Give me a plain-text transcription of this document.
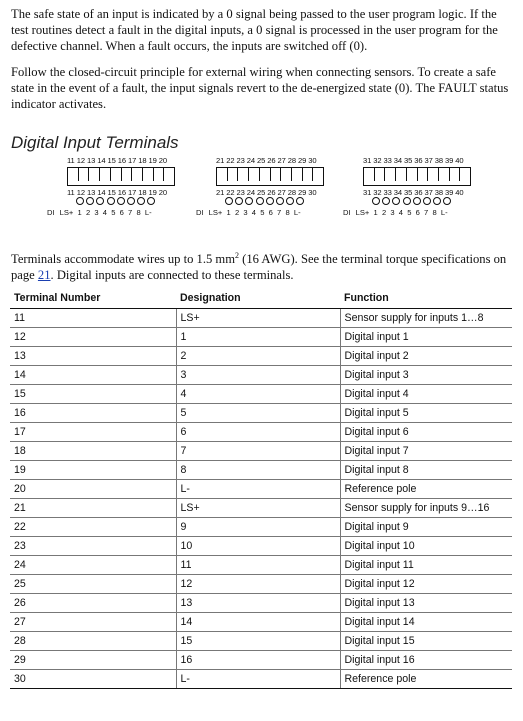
The safe state of an input is indicated by a 0 signal being passed to the user program logic. If the test routines detect a fault in the digital inputs, a 0 signal is processed in the user program for the defective channel. When a fault occurs, the inputs are switched off (0).
Follow the closed-circuit principle for external wiring when connecting sensors. To create a safe state in the event of a fault, the input signals revert to the de-energized state (0). The FAULT status indicator activates.
Digital Input Terminals
11 12 13 14 15 16 17 18 19 20
11 12 13 14 15 16 17 18 19 20
DI LS+ 1 2 3 4 5 6 7 8 L-
21 22 23 24 25 26 27 28 29 30
21 22 23 24 25 26 27 28 29 30
DI LS+ 1 2 3 4 5 6 7 8 L-
31 32 33 34 35 36 37 38 39 40
31 32 33 34 35 36 37 38 39 40
DI LS+ 1 2 3 4 5 6 7 8 L-
Terminals accommodate wires up to 1.5 $mm^2$ (16 AWG). See the terminal torque specifications on page 21. Digital inputs are connected to these terminals.
Terminal Number	Designation	Function
11	LS+	Sensor supply for inputs 1…8
12	1	Digital input 1
13	2	Digital input 2
14	3	Digital input 3
15	4	Digital input 4
16	5	Digital input 5
17	6	Digital input 6
18	7	Digital input 7
19	8	Digital input 8
20	L-	Reference pole
21	LS+	Sensor supply for inputs 9…16
22	9	Digital input 9
23	10	Digital input 10
24	11	Digital input 11
25	12	Digital input 12
26	13	Digital input 13
27	14	Digital input 14
28	15	Digital input 15
29	16	Digital input 16
30	L-	Reference pole
